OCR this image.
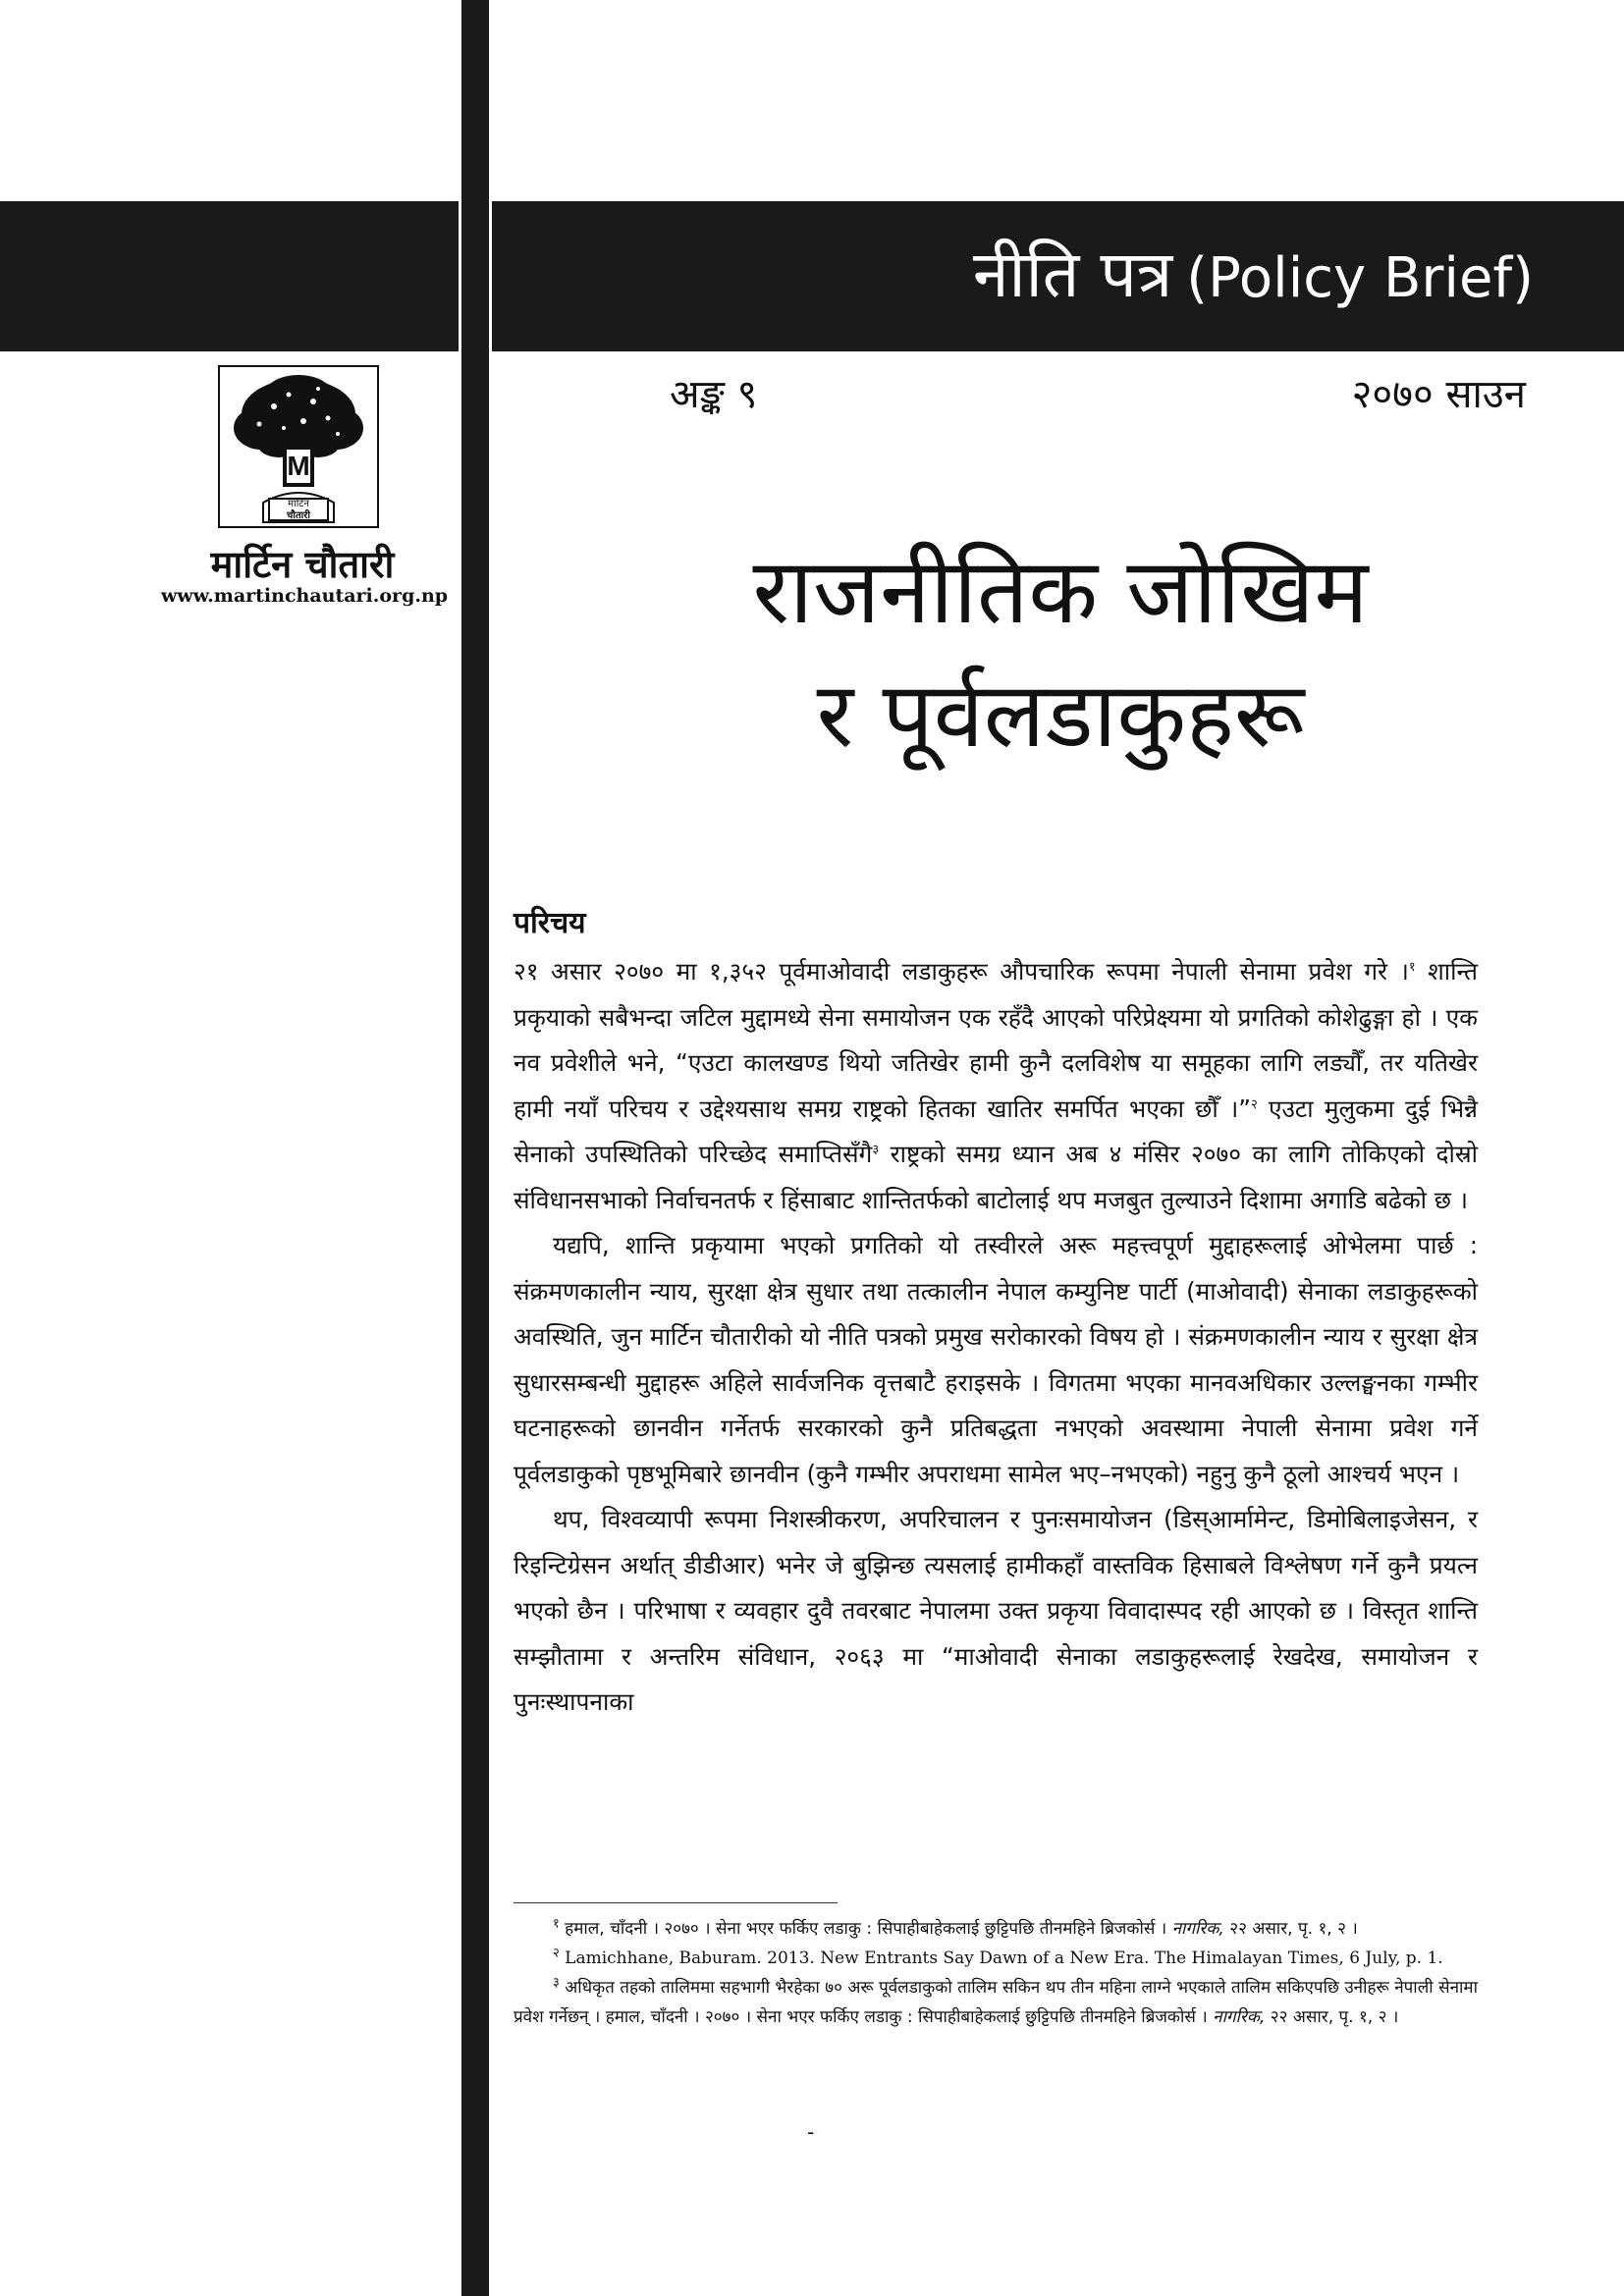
नीति पत्र (Policy Brief)
अङ्क ९	२०७० साउन
M
मार्टिन
चौतारी
मार्टिन चौतारी
www.martinchautari.org.np	राजनीतिक जोखिम
र पूर्वलडाकुहरू
परिचय

२१ असार २०७० मा १,३५२ पूर्वमाओवादी लडाकुहरू औपचारिक रूपमा नेपाली सेनामा प्रवेश गरे ।$^१$ शान्ति प्रकृयाको सबैभन्दा जटिल मुद्दामध्ये सेना समायोजन एक रहँदै आएको परिप्रेक्ष्यमा यो प्रगतिको कोशेढुङ्गा हो । एक नव प्रवेशीले भने, “एउटा कालखण्ड थियो जतिखेर हामी कुनै दलविशेष या समूहका लागि लड्यौँ, तर यतिखेर हामी नयाँ परिचय र उद्देश्यसाथ समग्र राष्ट्रको हितका खातिर समर्पित भएका छौँ ।”$^२$ एउटा मुलुकमा दुई भिन्नै सेनाको उपस्थितिको परिच्छेद समाप्तिसँगै$^३$ राष्ट्रको समग्र ध्यान अब ४ मंसिर २०७० का लागि तोकिएको दोस्रो संविधानसभाको निर्वाचनतर्फ र हिंसाबाट शान्तितर्फको बाटोलाई थप मजबुत तुल्याउने दिशामा अगाडि बढेको छ ।

यद्यपि, शान्ति प्रकृयामा भएको प्रगतिको यो तस्वीरले अरू महत्त्वपूर्ण मुद्दाहरूलाई ओभेलमा पार्छ : संक्रमणकालीन न्याय, सुरक्षा क्षेत्र सुधार तथा तत्कालीन नेपाल कम्युनिष्ट पार्टी (माओवादी) सेनाका लडाकुहरूको अवस्थिति, जुन मार्टिन चौतारीको यो नीति पत्रको प्रमुख सरोकारको विषय हो । संक्रमणकालीन न्याय र सुरक्षा क्षेत्र सुधारसम्बन्धी मुद्दाहरू अहिले सार्वजनिक वृत्तबाटै हराइसके । विगतमा भएका मानवअधिकार उल्लङ्घनका गम्भीर घटनाहरूको छानवीन गर्नेतर्फ सरकारको कुनै प्रतिबद्धता नभएको अवस्थामा नेपाली सेनामा प्रवेश गर्ने पूर्वलडाकुको पृष्ठभूमिबारे छानवीन (कुनै गम्भीर अपराधमा सामेल भए–नभएको) नहुनु कुनै ठूलो आश्चर्य भएन ।

थप, विश्वव्यापी रूपमा निशस्त्रीकरण, अपरिचालन र पुनःसमायोजन (डिस्आर्मामेन्ट, डिमोबिलाइजेसन, र रिइन्टिग्रेसन अर्थात् डीडीआर) भनेर जे बुझिन्छ त्यसलाई हामीकहाँ वास्तविक हिसाबले विश्लेषण गर्ने कुनै प्रयत्न भएको छैन । परिभाषा र व्यवहार दुवै तवरबाट नेपालमा उक्त प्रकृया विवादास्पद रही आएको छ । विस्तृत शान्ति सम्झौतामा र अन्तरिम संविधान, २०६३ मा “माओवादी सेनाका लडाकुहरूलाई रेखदेख, समायोजन र पुनःस्थापनाका

$^१$ हमाल, चाँदनी । २०७० । सेना भएर फर्किए लडाकु : सिपाहीबाहेकलाई छुट्टिपछि तीनमहिने ब्रिजकोर्स । नागरिक, २२ असार, पृ. १, २ ।

$^२$ Lamichhane, Baburam. 2013. New Entrants Say Dawn of a New Era. The Himalayan Times, 6 July, p. 1.

$^३$ अधिकृत तहको तालिममा सहभागी भैरहेका ७० अरू पूर्वलडाकुको तालिम सकिन थप तीन महिना लाग्ने भएकाले तालिम सकिएपछि उनीहरू नेपाली सेनामा प्रवेश गर्नेछन् । हमाल, चाँदनी । २०७० । सेना भएर फर्किए लडाकु : सिपाहीबाहेकलाई छुट्टिपछि तीनमहिने ब्रिजकोर्स । नागरिक, २२ असार, पृ. १, २ ।

-
